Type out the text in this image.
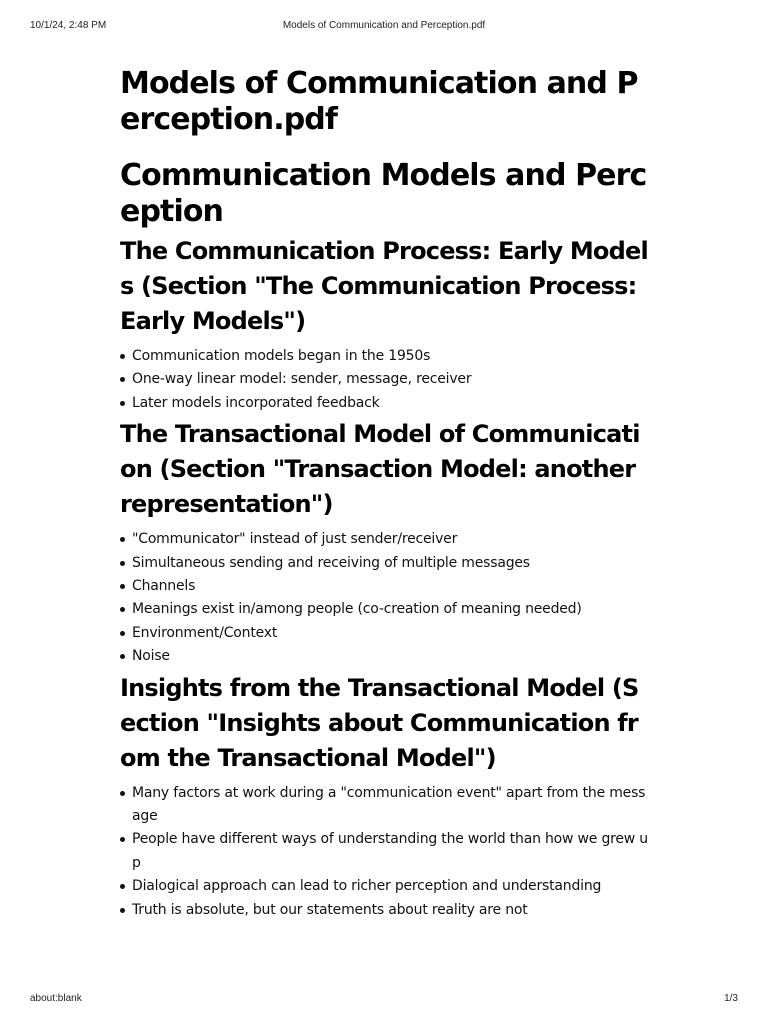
10/1/24, 2:48 PM	Models of Communication and Perception.pdf
Models of Communication and Perception.pdf
Communication Models and Perception
The Communication Process: Early Models (Section "The Communication Process: Early Models")
Communication models began in the 1950s
One-way linear model: sender, message, receiver
Later models incorporated feedback
The Transactional Model of Communication (Section "Transaction Model: another representation")
"Communicator" instead of just sender/receiver
Simultaneous sending and receiving of multiple messages
Channels
Meanings exist in/among people (co-creation of meaning needed)
Environment/Context
Noise
Insights from the Transactional Model (Section "Insights about Communication from the Transactional Model")
Many factors at work during a "communication event" apart from the message
People have different ways of understanding the world than how we grew up
Dialogical approach can lead to richer perception and understanding
Truth is absolute, but our statements about reality are not
about:blank	1/3
